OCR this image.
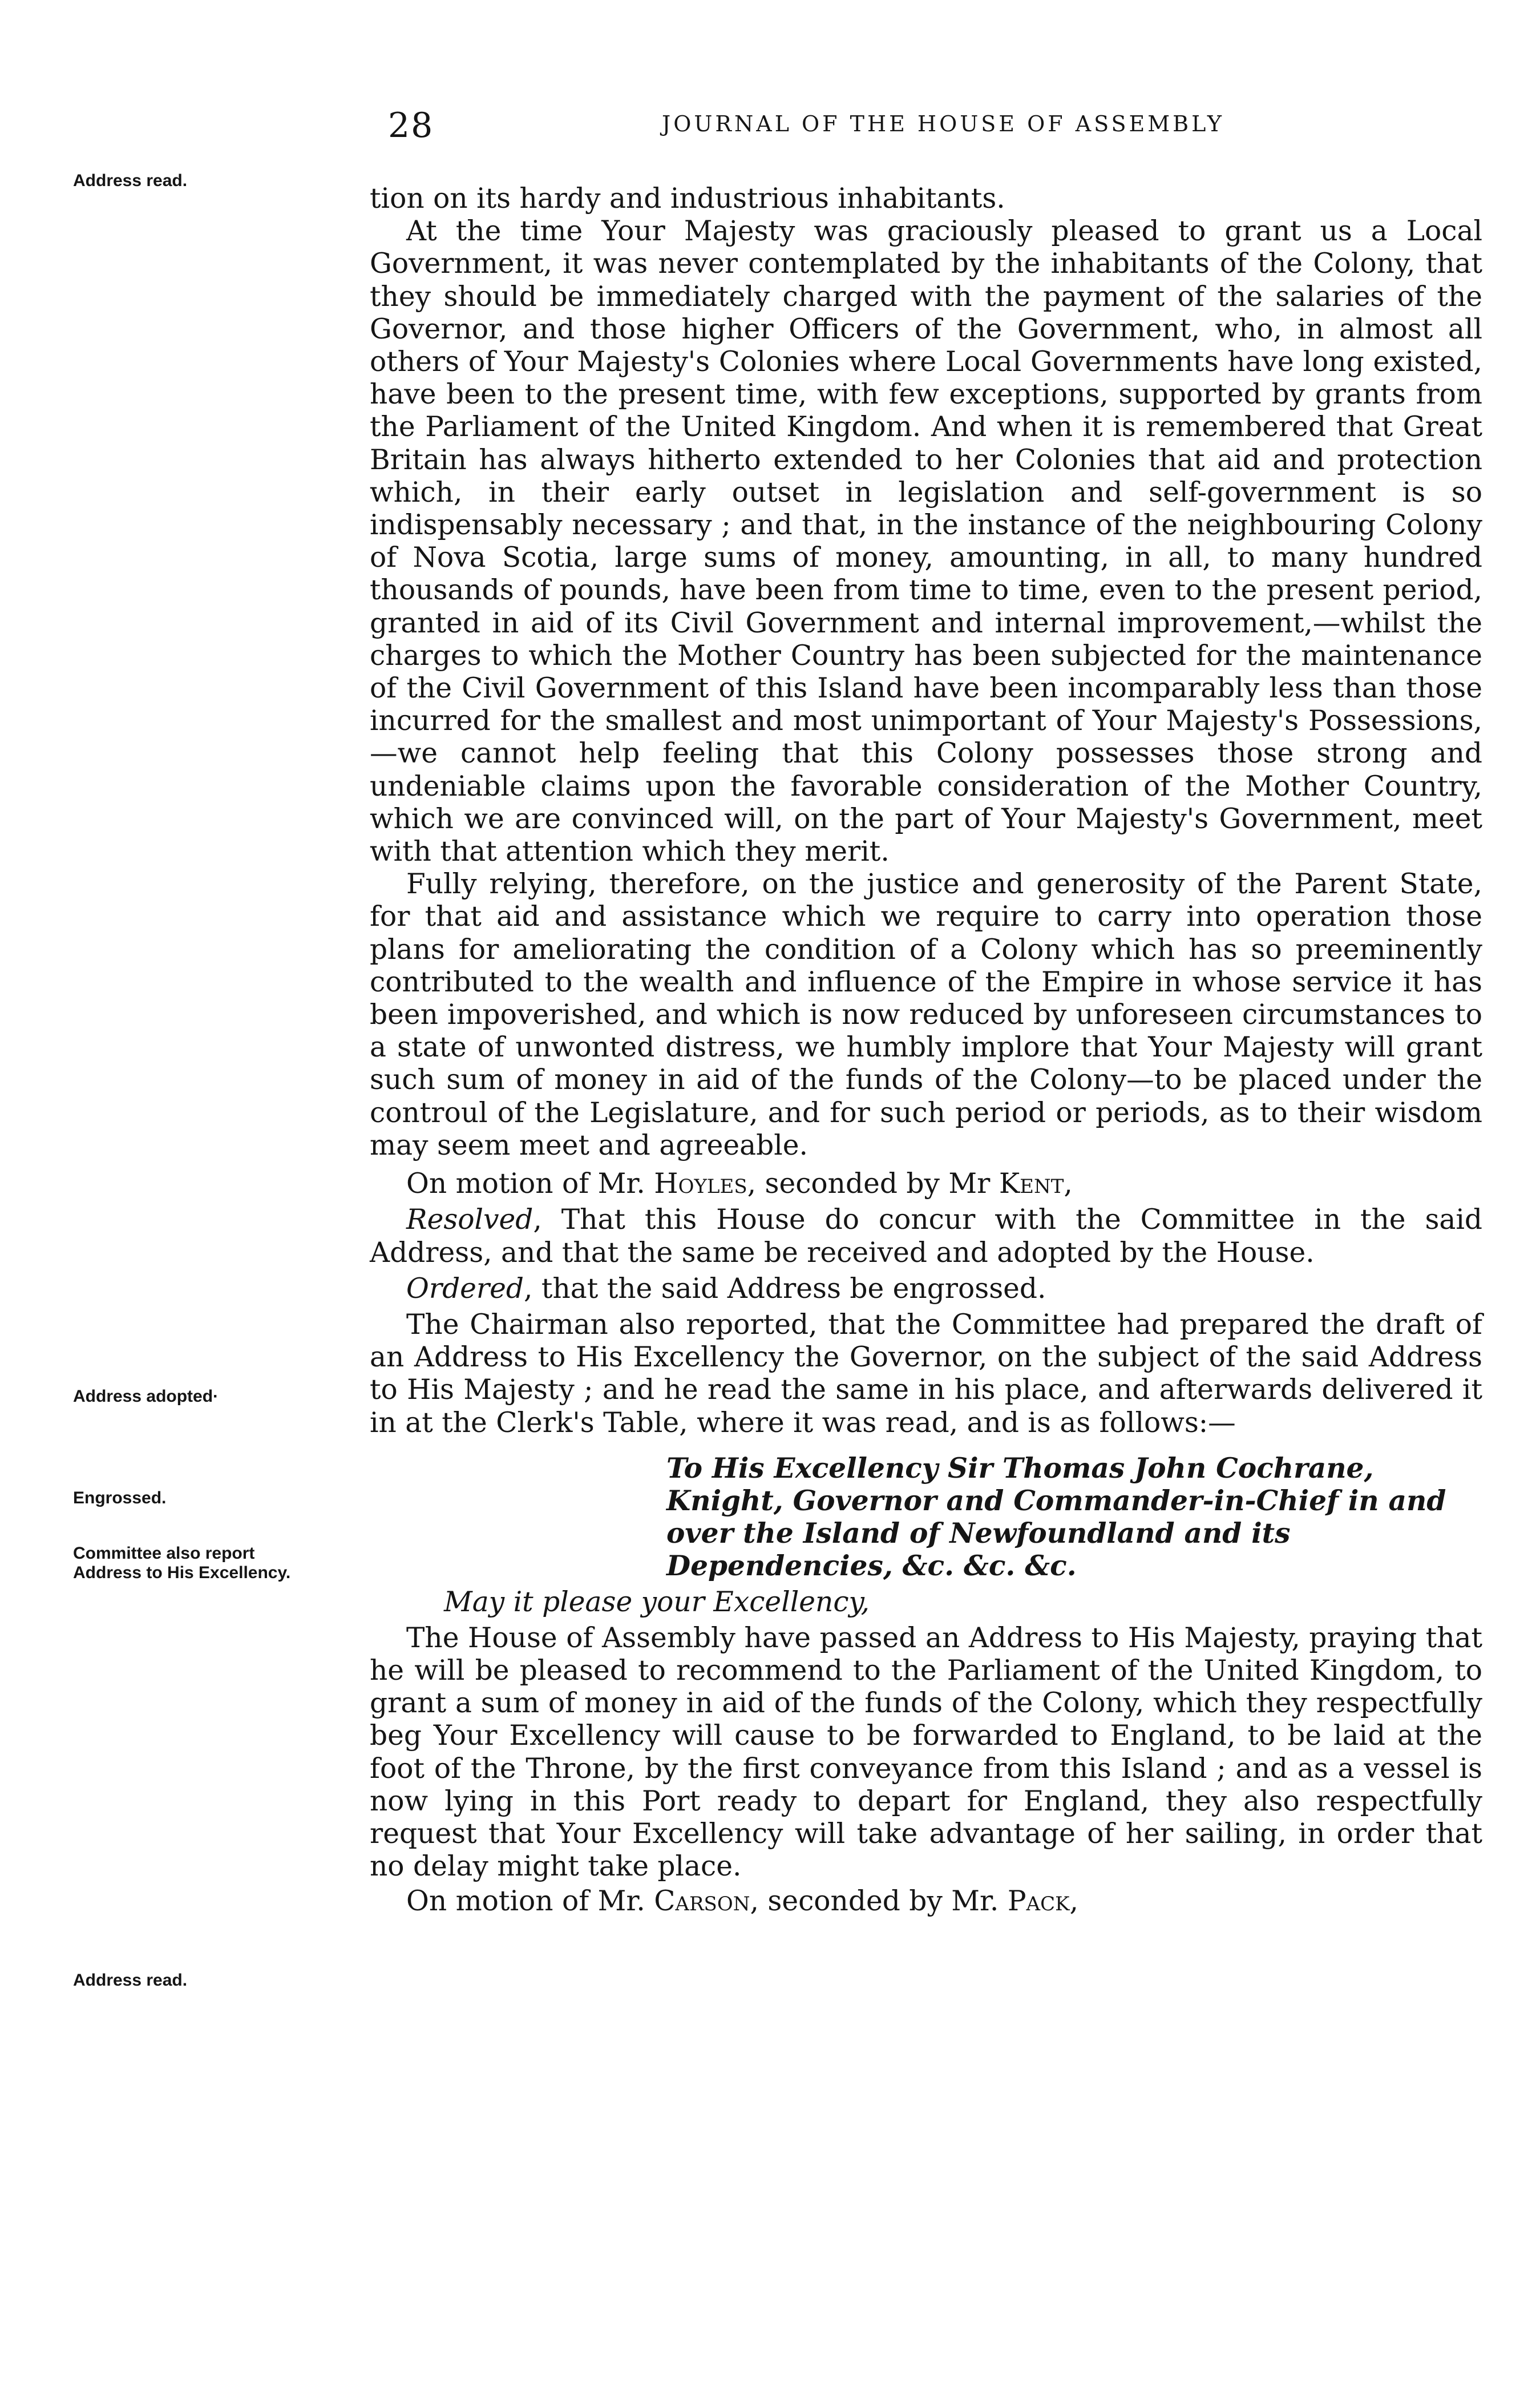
28	JOURNAL OF THE HOUSE OF ASSEMBLY
Address read.
Address adopted·
Engrossed.
Committee also report Address to His Excellency.
Address read.

tion on its hardy and industrious inhabitants.

At the time Your Majesty was graciously pleased to grant us a Local Government, it was never contemplated by the inhabitants of the Colony, that they should be immediately charged with the payment of the salaries of the Governor, and those higher Officers of the Government, who, in almost all others of Your Majesty's Colonies where Local Governments have long existed, have been to the present time, with few exceptions, supported by grants from the Parliament of the United Kingdom. And when it is remembered that Great Britain has always hitherto extended to her Colonies that aid and protection which, in their early outset in legislation and self-government is so indispensably necessary ; and that, in the instance of the neighbouring Colony of Nova Scotia, large sums of money, amounting, in all, to many hundred thousands of pounds, have been from time to time, even to the present period, granted in aid of its Civil Government and internal improvement,—whilst the charges to which the Mother Country has been subjected for the maintenance of the Civil Government of this Island have been incomparably less than those incurred for the smallest and most unimportant of Your Majesty's Possessions, —we cannot help feeling that this Colony possesses those strong and undeniable claims upon the favorable consideration of the Mother Country, which we are convinced will, on the part of Your Majesty's Government, meet with that attention which they merit.

Fully relying, therefore, on the justice and generosity of the Parent State, for that aid and assistance which we require to carry into operation those plans for ameliorating the condition of a Colony which has so preeminently contributed to the wealth and influence of the Empire in whose service it has been impoverished, and which is now reduced by unforeseen circumstances to a state of unwonted distress, we humbly implore that Your Majesty will grant such sum of money in aid of the funds of the Colony—to be placed under the controul of the Legislature, and for such period or periods, as to their wisdom may seem meet and agreeable.

On motion of Mr. Hoyles, seconded by Mr Kent,

Resolved, That this House do concur with the Committee in the said Address, and that the same be received and adopted by the House.

Ordered, that the said Address be engrossed.

The Chairman also reported, that the Committee had prepared the draft of an Address to His Excellency the Governor, on the subject of the said Address to His Majesty ; and he read the same in his place, and afterwards delivered it in at the Clerk's Table, where it was read, and is as follows:—

To His Excellency Sir Thomas John Cochrane, Knight, Governor and Commander-in-Chief in and over the Island of Newfoundland and its Dependencies, &c. &c. &c.

May it please your Excellency,

The House of Assembly have passed an Address to His Majesty, praying that he will be pleased to recommend to the Parliament of the United Kingdom, to grant a sum of money in aid of the funds of the Colony, which they respectfully beg Your Excellency will cause to be forwarded to England, to be laid at the foot of the Throne, by the first conveyance from this Island ; and as a vessel is now lying in this Port ready to depart for England, they also respectfully request that Your Excellency will take advantage of her sailing, in order that no delay might take place.

On motion of Mr. Carson, seconded by Mr. Pack,
